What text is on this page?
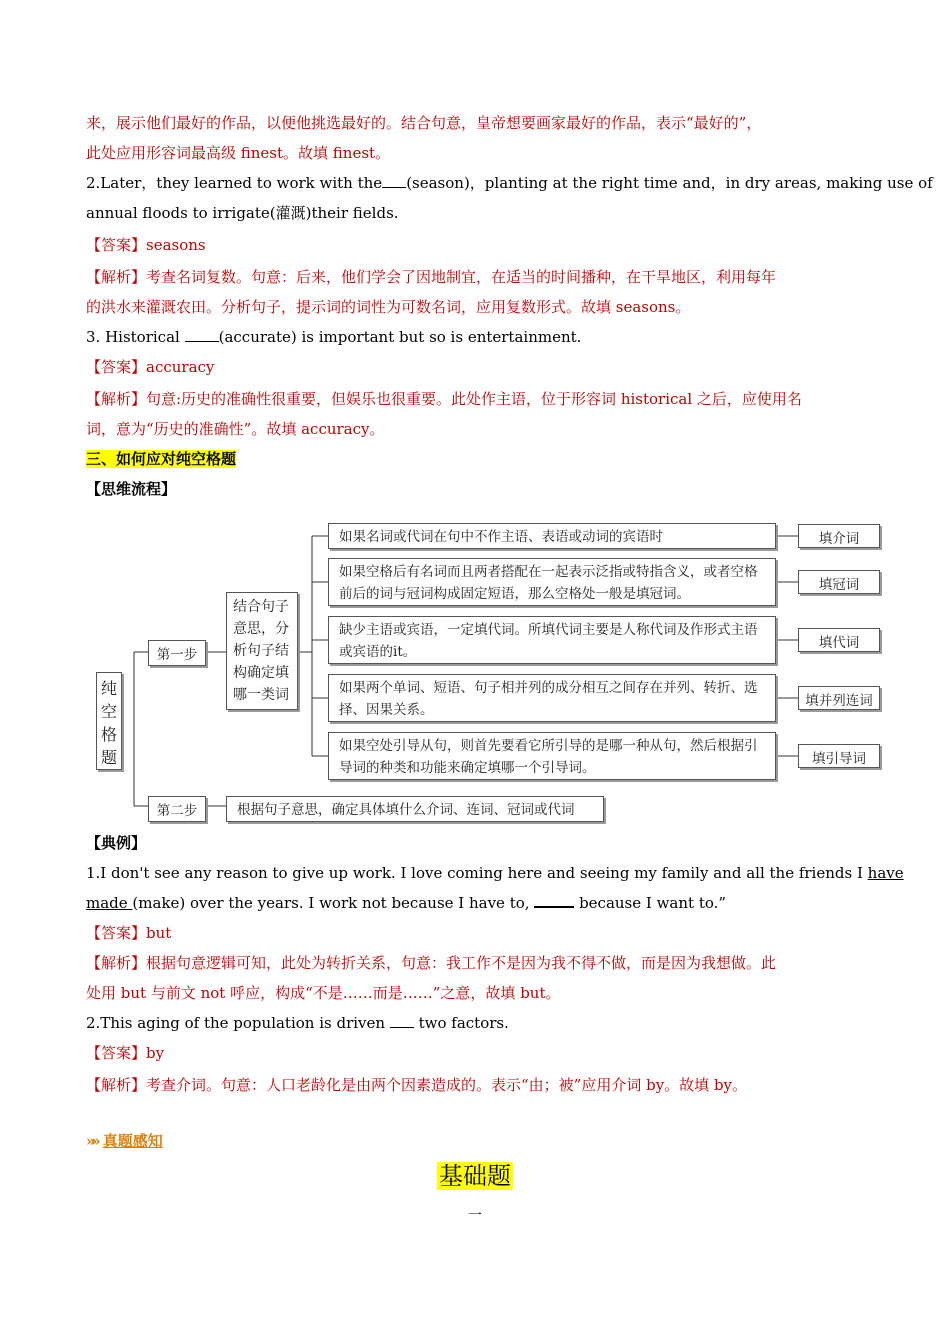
来，展示他们最好的作品，以便他挑选最好的。结合句意，皇帝想要画家最好的作品，表示“最好的”，
此处应用形容词最高级 finest。故填 finest。
2.Later，they learned to work with the (season)，planting at the right time and，in dry areas, making use of
annual floods to irrigate(灌溉)their fields.
【答案】seasons
【解析】考查名词复数。句意：后来，他们学会了因地制宜，在适当的时间播种，在干旱地区，利用每年
的洪水来灌溉农田。分析句子，提示词的词性为可数名词，应用复数形式。故填 seasons。
3. Historical (accurate) is important but so is entertainment.
【答案】accuracy
【解析】句意:历史的准确性很重要，但娱乐也很重要。此处作主语，位于形容词 historical 之后，应使用名
词，意为“历史的准确性”。故填 accuracy。
三、如何应对纯空格题
【思维流程】
纯空格题
第一步
第二步
结合句子意思，分析句子结构确定填哪一类词
如果名词或代词在句中不作主语、表语或动词的宾语时
如果空格后有名词而且两者搭配在一起表示泛指或特指含义，或者空格前后的词与冠词构成固定短语，那么空格处一般是填冠词。
缺少主语或宾语，一定填代词。所填代词主要是人称代词及作形式主语或宾语的it。
如果两个单词、短语、句子相并列的成分相互之间存在并列、转折、选择、因果关系。
如果空处引导从句，则首先要看它所引导的是哪一种从句，然后根据引导词的种类和功能来确定填哪一个引导词。
填介词
填冠词
填代词
填并列连词
填引导词
根据句子意思，确定具体填什么介词、连词、冠词或代词
【典例】
1.I don't see any reason to give up work. I love coming here and seeing my family and all the friends I have
made (make) over the years. I work not because I have to,	because I want to.”
【答案】but
【解析】根据句意逻辑可知，此处为转折关系，句意：我工作不是因为我不得不做，而是因为我想做。此
处用 but 与前文 not 呼应，构成“不是……而是……”之意，故填 but。
2.This aging of the population is driven  two factors.
【答案】by
【解析】考查介词。句意：人口老龄化是由两个因素造成的。表示“由；被”应用介词 by。故填 by。
»» 真题感知
基础题
一
